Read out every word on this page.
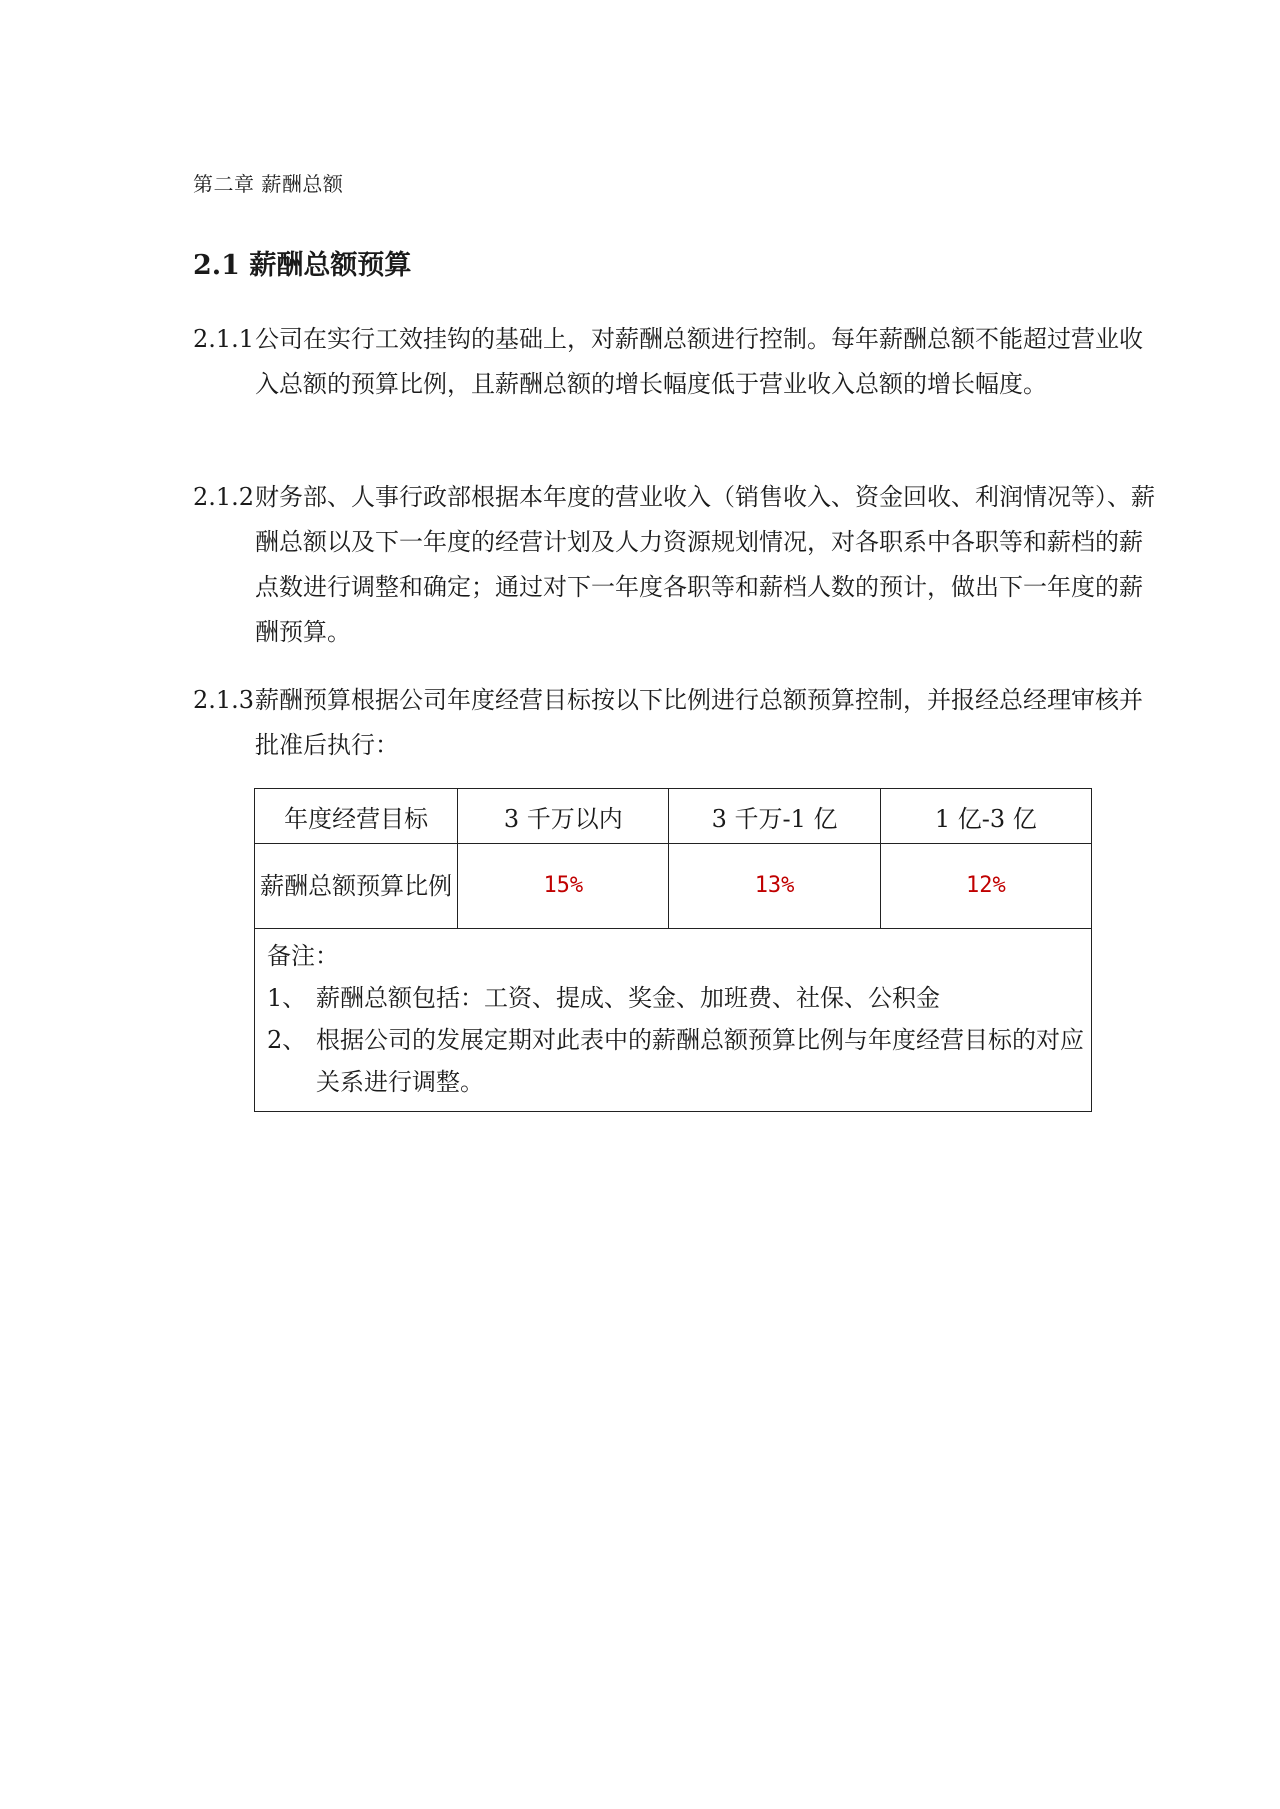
第二章 薪酬总额
2.1 薪酬总额预算
2.1.1公司在实行工效挂钩的基础上，对薪酬总额进行控制。每年薪酬总额不能超过营业收入总额的预算比例，且薪酬总额的增长幅度低于营业收入总额的增长幅度。
2.1.2财务部、人事行政部根据本年度的营业收入（销售收入、资金回收、利润情况等）、薪酬总额以及下一年度的经营计划及人力资源规划情况，对各职系中各职等和薪档的薪点数进行调整和确定；通过对下一年度各职等和薪档人数的预计，做出下一年度的薪酬预算。
2.1.3薪酬预算根据公司年度经营目标按以下比例进行总额预算控制，并报经总经理审核并批准后执行：
年度经营目标	3 千万以内	3 千万-1 亿	1 亿-3 亿
薪酬总额预算比例	15%	13%	12%

备注：
1、 薪酬总额包括：工资、提成、奖金、加班费、社保、公积金
2、 根据公司的发展定期对此表中的薪酬总额预算比例与年度经营目标的对应关系进行调整。			
